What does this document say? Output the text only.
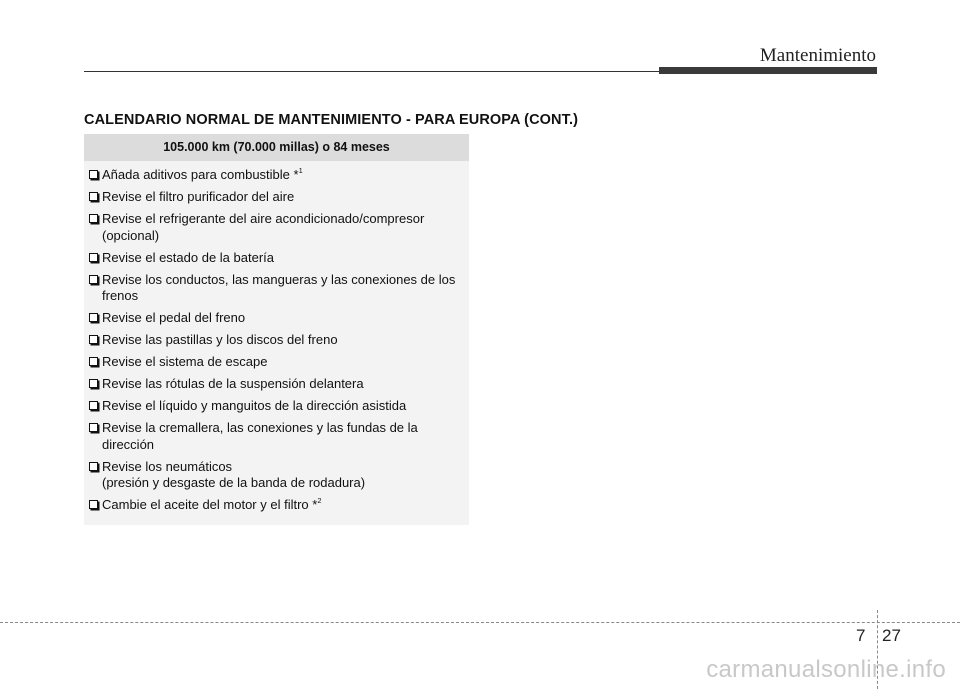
Mantenimiento
CALENDARIO NORMAL DE MANTENIMIENTO - PARA EUROPA (CONT.)
105.000 km (70.000 millas) o 84 meses
Añada aditivos para combustible *$^1$
Revise el filtro purificador del aire
Revise el refrigerante del aire acondicionado/compresor
(opcional)
Revise el estado de la batería
Revise los conductos, las mangueras y las conexiones de los frenos
Revise el pedal del freno
Revise las pastillas y los discos del freno
Revise el sistema de escape
Revise las rótulas de la suspensión delantera
Revise el líquido y manguitos de la dirección asistida
Revise la cremallera, las conexiones y las fundas de la dirección
Revise los neumáticos
(presión y desgaste de la banda de rodadura)
Cambie el aceite del motor y el filtro *$^2$
7 27
carmanualsonline.info
